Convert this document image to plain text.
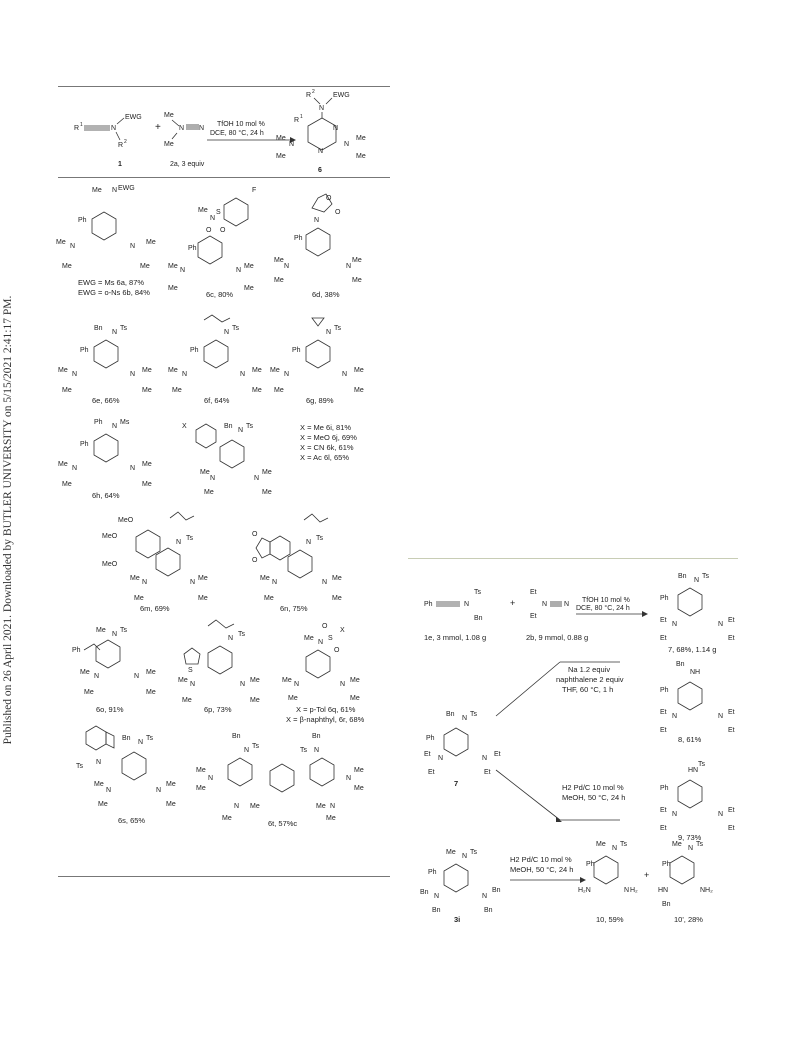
Published on 26 April 2021. Downloaded by BUTLER UNIVERSITY on 5/15/2021 2:41:17 PM.
R 1	N
EWG
R 2
+
Me
N
Me
N
R 2
N
EWG
R 1
N
N
N
Me
Me
N
Me
Me
1	2a, 3 equiv
TfOH 10 mol %
DCE, 80 °C, 24 h
6
Me N EWG
Ph
N
Me
Me
N
Me
Me
EWG = Ms 6a, 87%
EWG = o-Ns 6b, 84%
F
Me
N
S
O O
Ph
N
Me
Me
N
Me
Me
6c, 80%
O
O
N
Ph
N
Me
Me
N
Me
Me
6d, 38%
Bn
N
Ts
Ph
N
Me
Me
N
Me
Me
6e, 66%
N
Ts
Ph
N
Me
Me
N
Me
Me
6f, 64%
N
Ts
Ph
N
Me
Me
N
Me
Me
6g, 89%
Ph
N
Ms
Ph
N
Me
Me
N
Me
Me
6h, 64%
X	Bn
N
Ts
N
Me
Me
N
Me
Me
X = Me 6i, 81%
X = MeO 6j, 69%
X = CN 6k, 61%
X = Ac 6l, 65%
MeO
MeO
MeO
N
Ts
N
Me
Me
N
Me
Me
6m, 69%
O
O
N
Ts
N
Me
Me
N
Me
Me
6n, 75%
Ph
Me
N
Ts
N
Me
Me
N
Me
Me
6o, 91%
N
Ts
S
N
Me
Me
N
Me
Me
6p, 73%
Me
N
S
X
O
O
N
Me
Me
N
Me
Me
X = p-Tol 6q, 61%
X = β-naphthyl, 6r, 68%
N
Ts
Bn
N
Ts
N
Me
Me
N
Me
Me
6s, 65%
Bn
N
Ts
Bn
Ts N
N
Me
Me
N
Me
Me
N Me
Me
Me N
Me
6t, 57%c
Ph	N
Ts
Bn
+
Et
N
Et
N
TfOH 10 mol %
DCE, 80 °C, 24 h
Bn
N
Ts
Ph
N
Et
Et
N
Et
Et
1e, 3 mmol, 1.08 g	2b, 9 mmol, 0.88 g
7, 68%, 1.14 g
Bn
N
Ts
Ph
N
Et
Et
N
Et
Et
7
Na 1.2 equiv
naphthalene 2 equiv
THF, 60 °C, 1 h
H2 Pd/C 10 mol %
MeOH, 50 °C, 24 h
Bn
NH
Ph
N
Et
Et
N
Et
Et
8, 61%
Ts
HN
Ph
N
Et
Et
N
Et
Et
9, 73%
Me
N
Ts
Ph
Bn
N
Bn
N
Bn
Bn
3i
H2 Pd/C 10 mol %
MeOH, 50 °C, 24 h
Me
N
Ts
Ph
H₂N	N H₂
10, 59%
+
Me
N
Ts
Ph
HN
Bn
NH₂
10', 28%
